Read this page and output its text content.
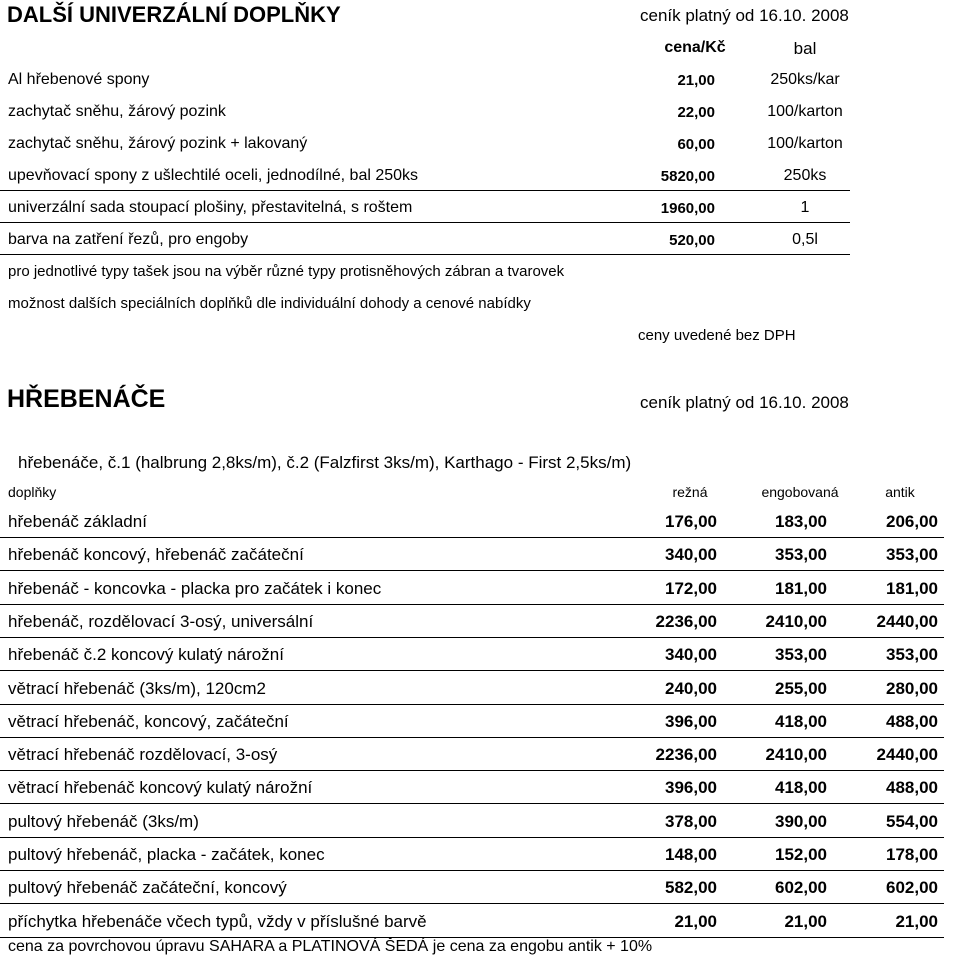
DALŠÍ UNIVERZÁLNÍ DOPLŇKY	ceník platný od 16.10. 2008
cena/Kč	bal
Al hřebenové spony	21,00	250ks/kar
zachytač sněhu, žárový pozink	22,00	100/karton
zachytač sněhu, žárový pozink + lakovaný	60,00	100/karton
upevňovací spony z ušlechtilé oceli, jednodílné, bal 250ks	5820,00	250ks
univerzální sada stoupací plošiny, přestavitelná, s roštem	1960,00	1
barva na zatření řezů, pro engoby	520,00	0,5l
pro jednotlivé typy tašek jsou na výběr různé typy protisněhových zábran a tvarovek
možnost dalších speciálních doplňků dle individuální dohody a cenové nabídky
ceny uvedené bez DPH
HŘEBENÁČE	ceník platný od 16.10. 2008
hřebenáče, č.1 (halbrung 2,8ks/m), č.2 (Falzfirst 3ks/m), Karthago - First 2,5ks/m)
doplňky	režná	engobovaná	antik
hřebenáč základní	176,00	183,00	206,00
hřebenáč koncový, hřebenáč začáteční	340,00	353,00	353,00
hřebenáč - koncovka - placka pro začátek i konec	172,00	181,00	181,00
hřebenáč, rozdělovací 3-osý, universální	2236,00	2410,00	2440,00
hřebenáč č.2 koncový kulatý nárožní	340,00	353,00	353,00
větrací hřebenáč (3ks/m), 120cm2	240,00	255,00	280,00
větrací hřebenáč, koncový, začáteční	396,00	418,00	488,00
větrací hřebenáč rozdělovací, 3-osý	2236,00	2410,00	2440,00
větrací hřebenáč koncový kulatý nárožní	396,00	418,00	488,00
pultový hřebenáč (3ks/m)	378,00	390,00	554,00
pultový hřebenáč, placka - začátek, konec	148,00	152,00	178,00
pultový hřebenáč začáteční, koncový	582,00	602,00	602,00
příchytka hřebenáče včech typů, vždy v příslušné barvě	21,00	21,00	21,00
cena za povrchovou úpravu SAHARA a PLATINOVÁ ŠEDÁ je cena za engobu antik + 10%
